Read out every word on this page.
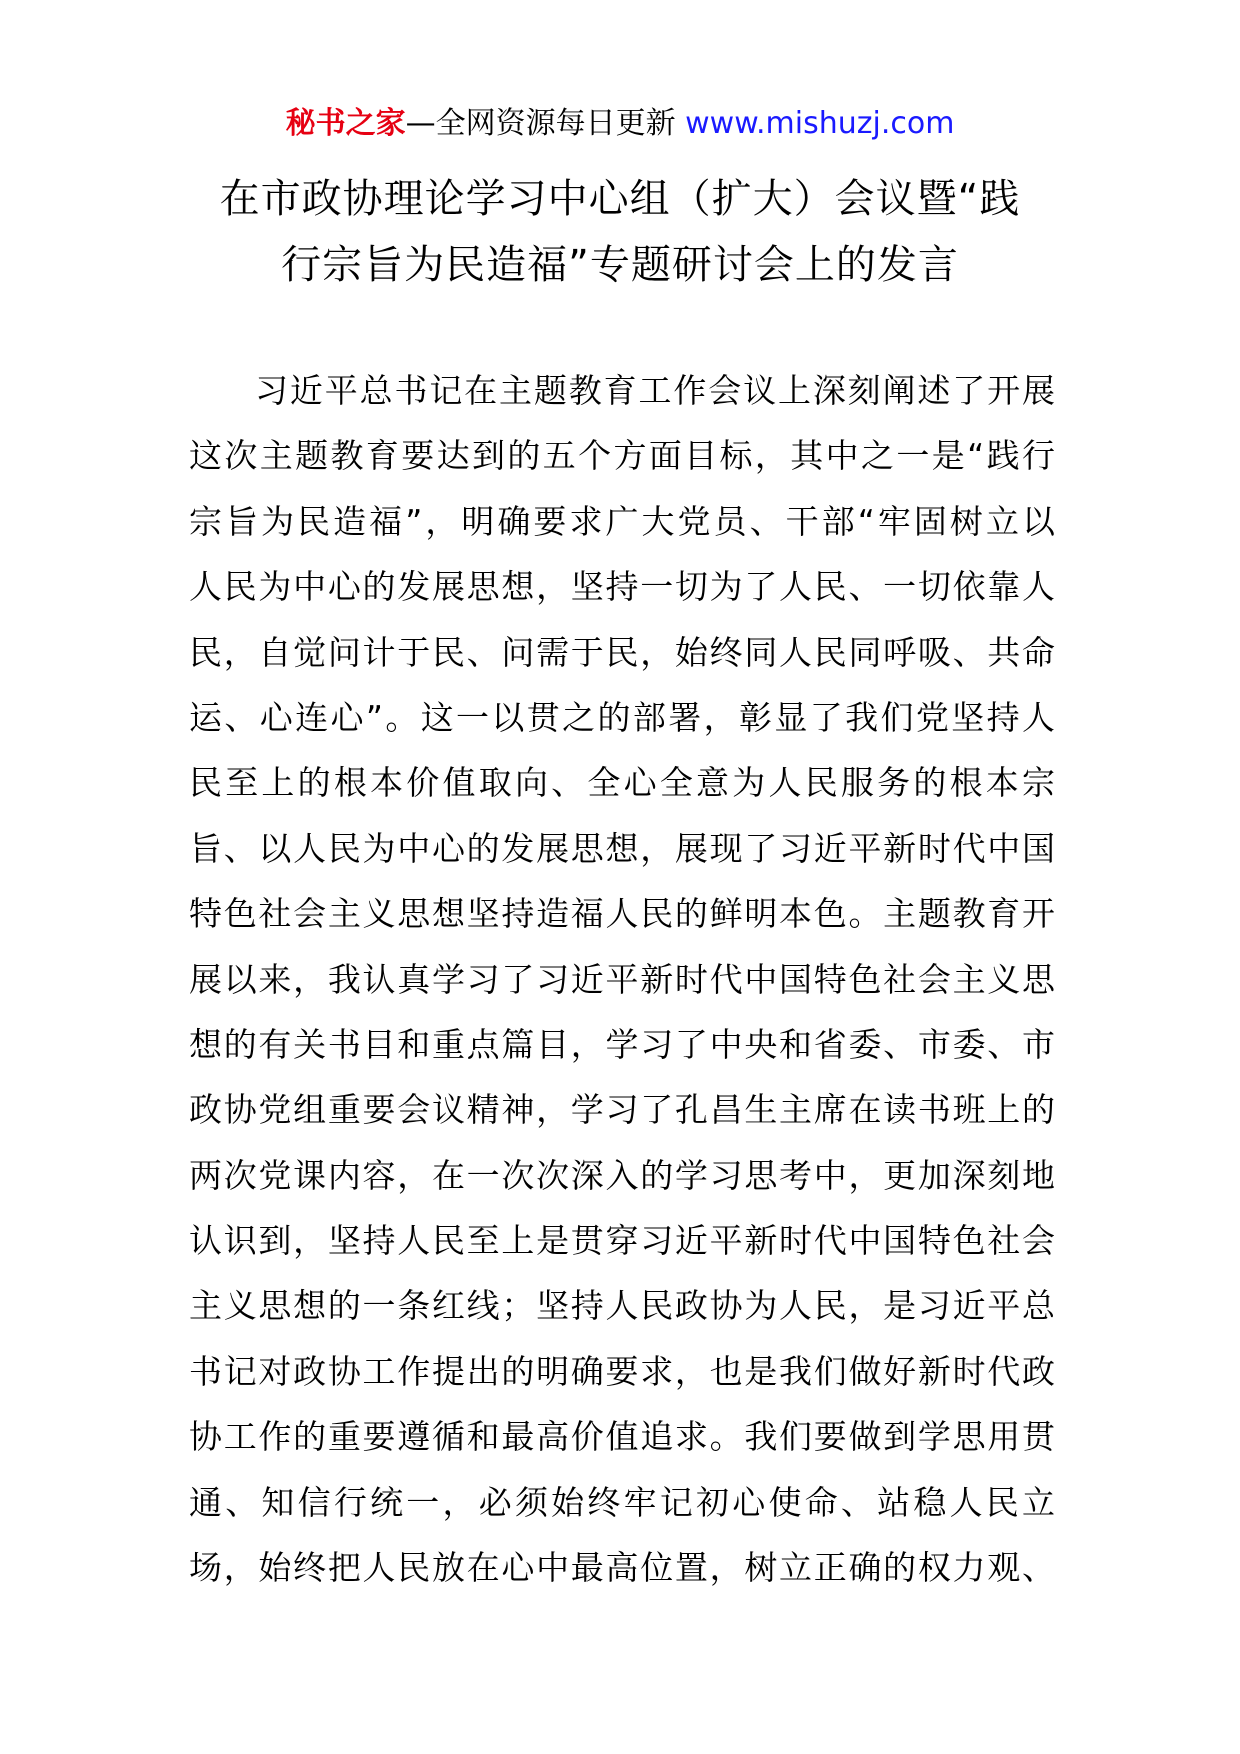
秘书之家—全网资源每日更新 www.mishuzj.com
在市政协理论学习中心组（扩大）会议暨“践
行宗旨为民造福”专题研讨会上的发言
习近平总书记在主题教育工作会议上深刻阐述了开展
这次主题教育要达到的五个方面目标，其中之一是“践行
宗旨为民造福”，明确要求广大党员、干部“牢固树立以
人民为中心的发展思想，坚持一切为了人民、一切依靠人
民，自觉问计于民、问需于民，始终同人民同呼吸、共命
运、心连心”。这一以贯之的部署，彰显了我们党坚持人
民至上的根本价值取向、全心全意为人民服务的根本宗
旨、以人民为中心的发展思想，展现了习近平新时代中国
特色社会主义思想坚持造福人民的鲜明本色。主题教育开
展以来，我认真学习了习近平新时代中国特色社会主义思
想的有关书目和重点篇目，学习了中央和省委、市委、市
政协党组重要会议精神，学习了孔昌生主席在读书班上的
两次党课内容，在一次次深入的学习思考中，更加深刻地
认识到，坚持人民至上是贯穿习近平新时代中国特色社会
主义思想的一条红线；坚持人民政协为人民，是习近平总
书记对政协工作提出的明确要求，也是我们做好新时代政
协工作的重要遵循和最高价值追求。我们要做到学思用贯
通、知信行统一，必须始终牢记初心使命、站稳人民立
场，始终把人民放在心中最高位置，树立正确的权力观、
